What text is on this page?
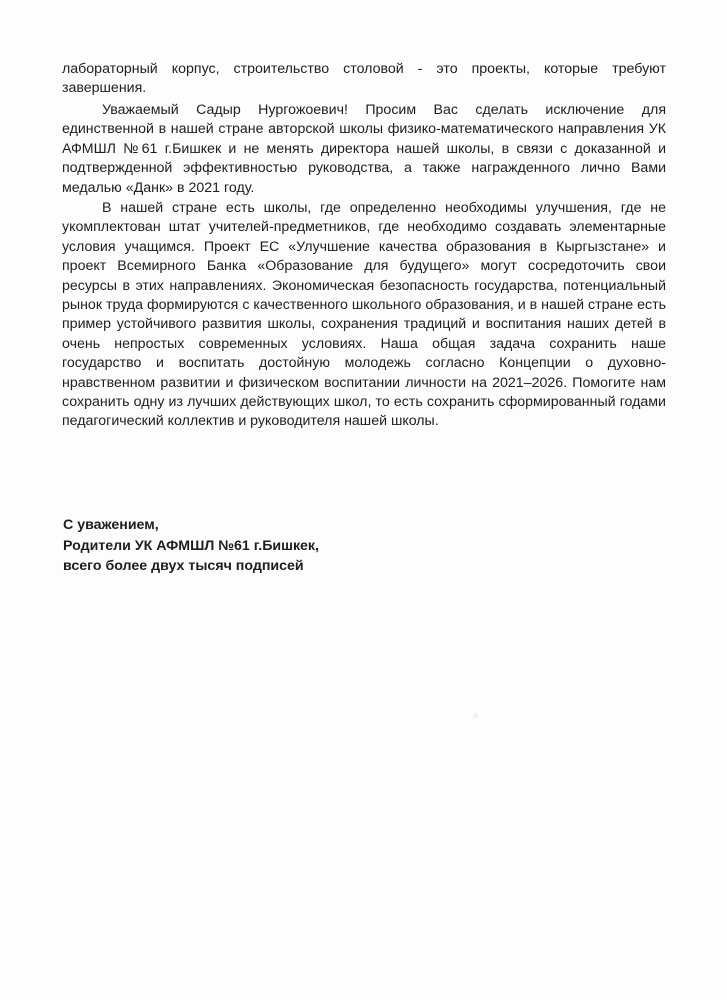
лабораторный корпус, строительство столовой - это проекты, которые требуют завершения.

Уважаемый Садыр Нургожоевич! Просим Вас сделать исключение для единственной в нашей стране авторской школы физико-математического направления УК АФМШЛ №61 г.Бишкек и не менять директора нашей школы, в связи с доказанной и подтвержденной эффективностью руководства, а также награжденного лично Вами медалью «Данк» в 2021 году.

В нашей стране есть школы, где определенно необходимы улучшения, где не укомплектован штат учителей-предметников, где необходимо создавать элементарные условия учащимся. Проект ЕС «Улучшение качества образования в Кыргызстане» и проект Всемирного Банка «Образование для будущего» могут сосредоточить свои ресурсы в этих направлениях. Экономическая безопасность государства, потенциальный рынок труда формируются с качественного школьного образования, и в нашей стране есть пример устойчивого развития школы, сохранения традиций и воспитания наших детей в очень непростых современных условиях. Наша общая задача сохранить наше государство и воспитать достойную молодежь согласно Концепции о духовно-нравственном развитии и физическом воспитании личности на 2021–2026. Помогите нам сохранить одну из лучших действующих школ, то есть сохранить сформированный годами педагогический коллектив и руководителя нашей школы.

С уважением,
Родители УК АФМШЛ №61 г.Бишкек,
всего более двух тысяч подписей
а
